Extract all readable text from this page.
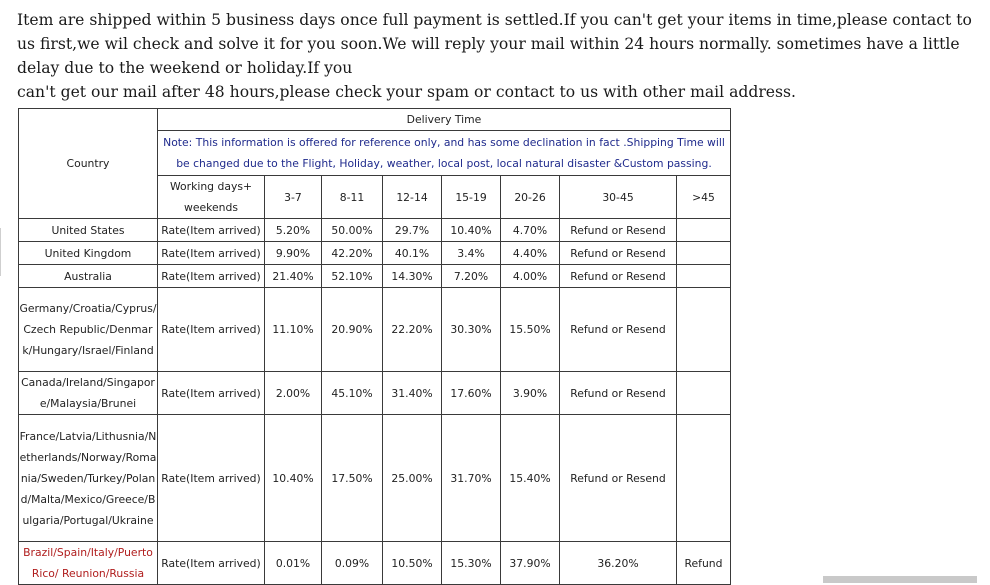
Item are shipped within 5 business days once full payment is settled.If you can't get your items in time,please contact to us first,we wil check and solve it for you soon.We will reply your mail within 24 hours normally. sometimes have a little delay due to the weekend or holiday.If you

can't get our mail after 48 hours,please check your spam or contact to us with other mail address.

Country	Delivery Time							
	Note: This information is offered for reference only, and has some declination in fact .Shipping Time will be changed due to the Flight, Holiday, weather, local post, local natural disaster &Custom passing.							
	Working days+ weekends	3-7	8-11	12-14	15-19	20-26	30-45	>45
United States	Rate(Item arrived)	5.20%	50.00%	29.7%	10.40%	4.70%	Refund or Resend	
United Kingdom	Rate(Item arrived)	9.90%	42.20%	40.1%	3.4%	4.40%	Refund or Resend	
Australia	Rate(Item arrived)	21.40%	52.10%	14.30%	7.20%	4.00%	Refund or Resend	
Germany/Croatia/Cyprus/Czech Republic/Denmark/Hungary/Israel/Finland	Rate(Item arrived)	11.10%	20.90%	22.20%	30.30%	15.50%	Refund or Resend	
Canada/Ireland/Singapore/Malaysia/Brunei	Rate(Item arrived)	2.00%	45.10%	31.40%	17.60%	3.90%	Refund or Resend	
France/Latvia/Lithusnia/Netherlands/Norway/Romania/Sweden/Turkey/Poland/Malta/Mexico/Greece/Bulgaria/Portugal/Ukraine	Rate(Item arrived)	10.40%	17.50%	25.00%	31.70%	15.40%	Refund or Resend	
Brazil/Spain/Italy/Puerto Rico/ Reunion/Russia	Rate(Item arrived)	0.01%	0.09%	10.50%	15.30%	37.90%	36.20%	Refund
